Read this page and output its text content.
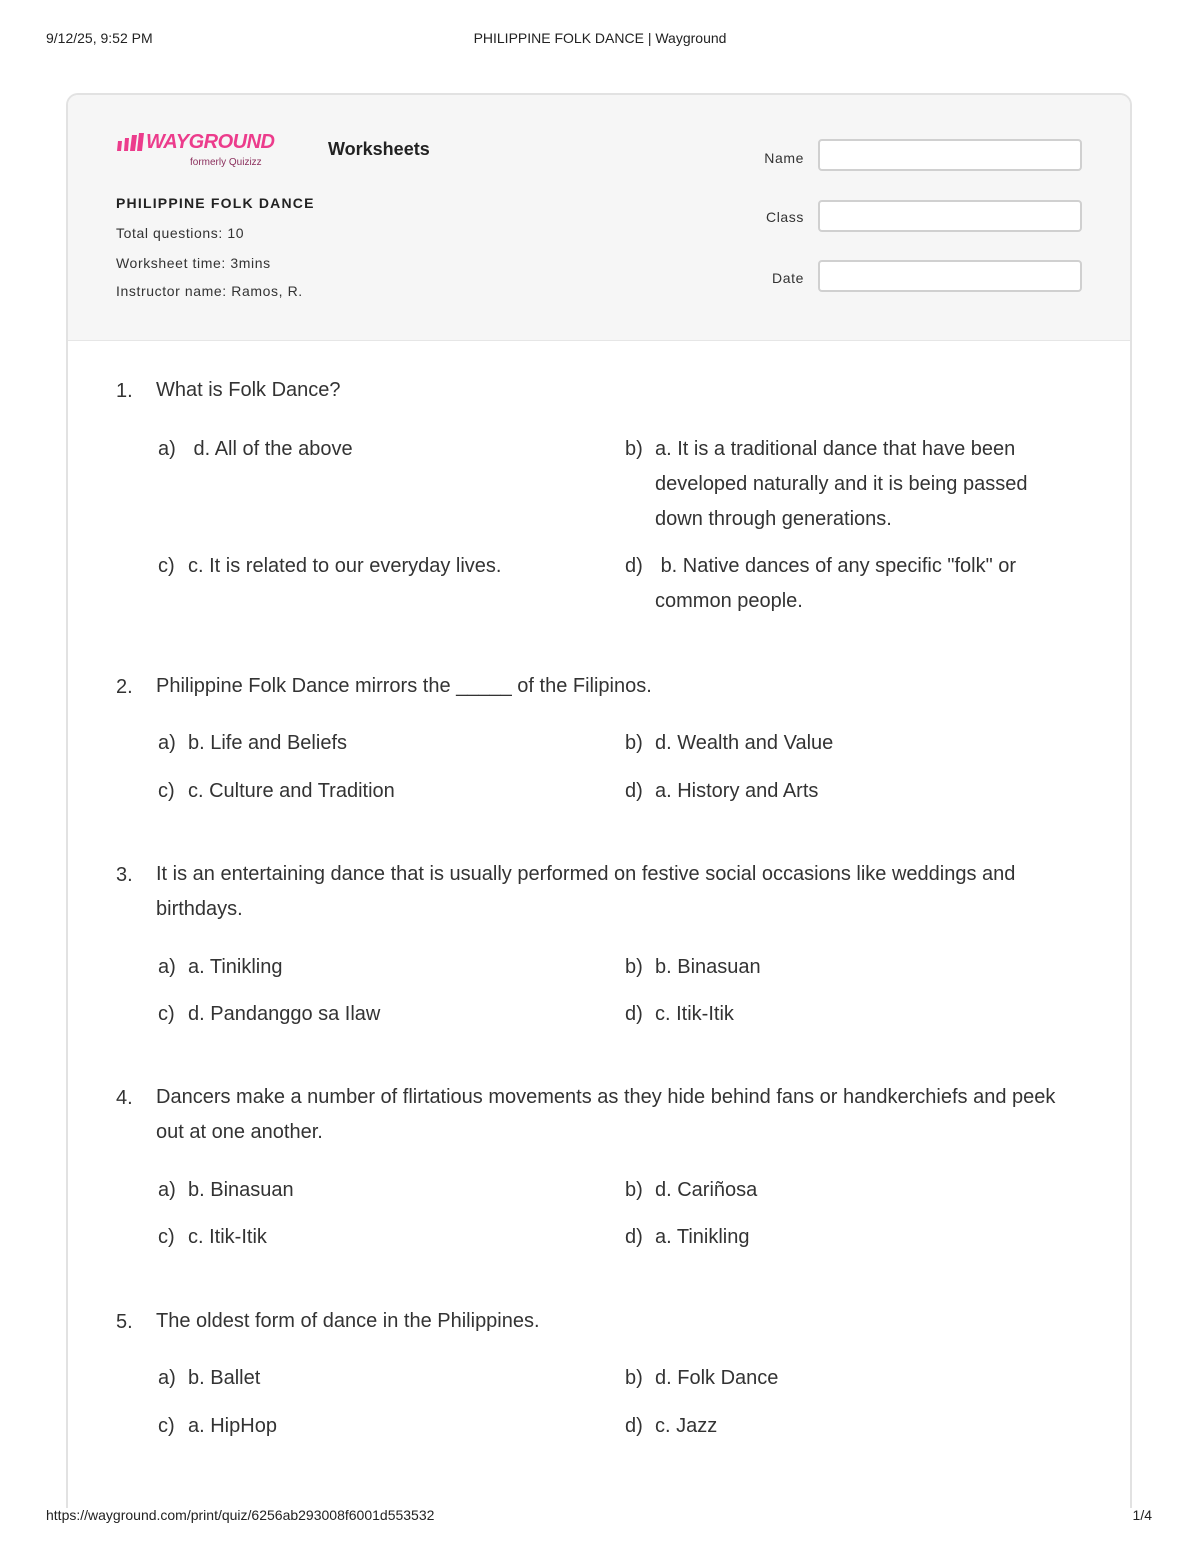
9/12/25, 9:52 PM	PHILIPPINE FOLK DANCE | Wayground
WAYGROUND
formerly Quizizz
Worksheets
PHILIPPINE FOLK DANCE
Total questions: 10
Worksheet time: 3mins
Instructor name: Ramos, R.
Name
Class
Date
1. What is Folk Dance?
a) d. All of the above	b) a. It is a traditional dance that have been developed naturally and it is being passed down through generations.
c) c. It is related to our everyday lives.	d) b. Native dances of any specific "folk" or common people.
2. Philippine Folk Dance mirrors the _____ of the Filipinos.
a) b. Life and Beliefs	b) d. Wealth and Value
c) c. Culture and Tradition	d) a. History and Arts
3. It is an entertaining dance that is usually performed on festive social occasions like weddings and birthdays.
a) a. Tinikling	b) b. Binasuan
c) d. Pandanggo sa Ilaw	d) c. Itik-Itik
4. Dancers make a number of flirtatious movements as they hide behind fans or handkerchiefs and peek out at one another.
a) b. Binasuan	b) d. Cariñosa
c) c. Itik-Itik	d) a. Tinikling
5. The oldest form of dance in the Philippines.
a) b. Ballet	b) d. Folk Dance
c) a. HipHop	d) c. Jazz
https://wayground.com/print/quiz/6256ab293008f6001d553532	1/4
